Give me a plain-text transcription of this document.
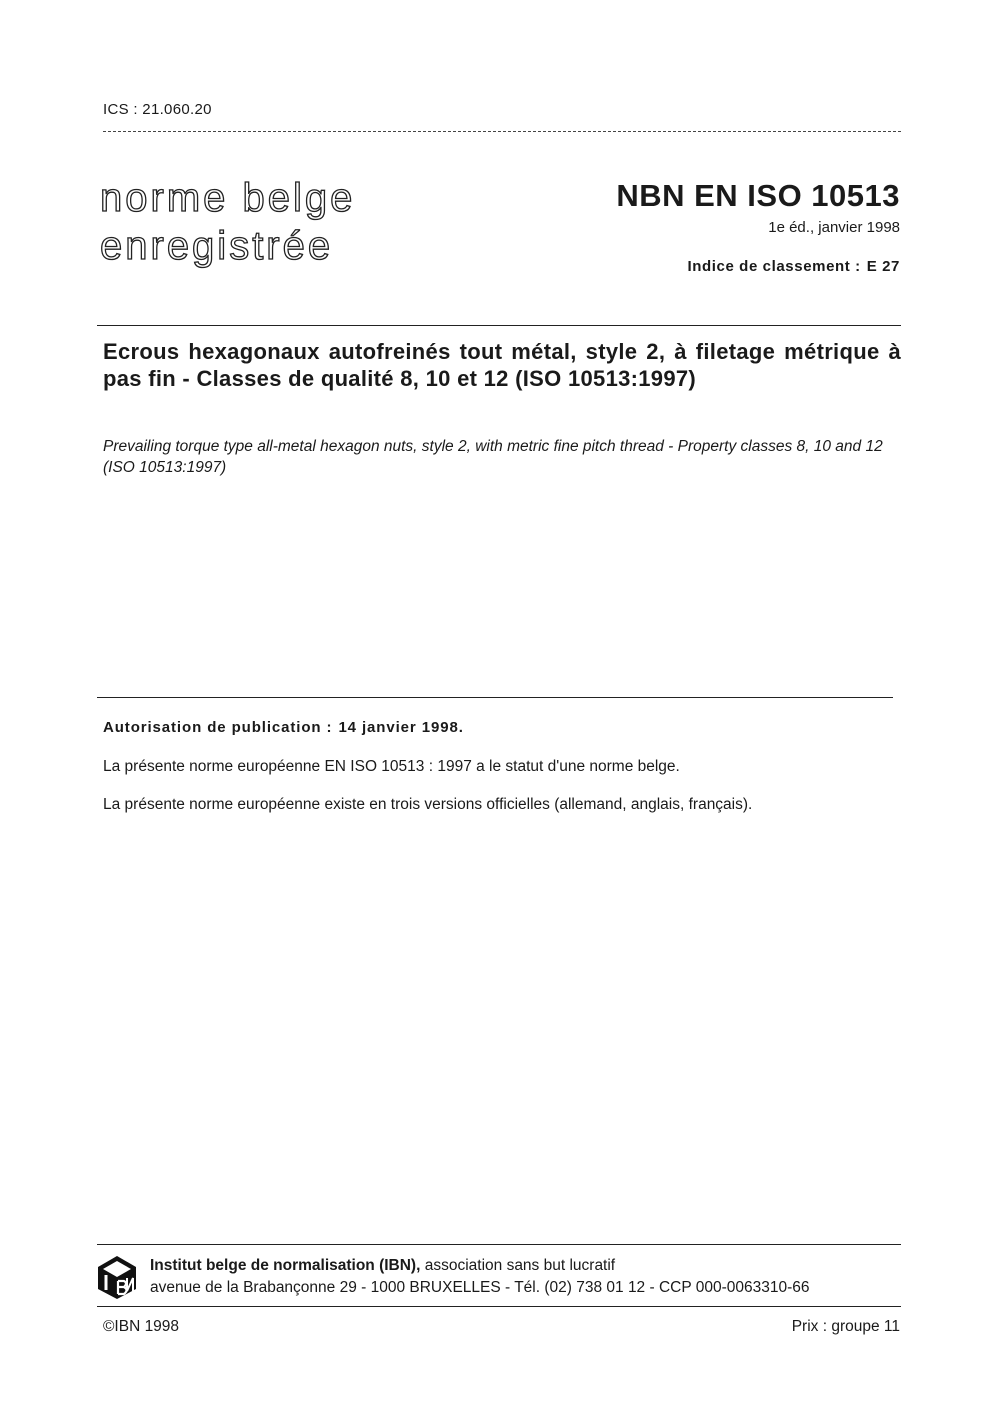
ICS : 21.060.20
norme belge
enregistrée
NBN EN ISO 10513
1e éd., janvier 1998
Indice de classement : E 27
Ecrous hexagonaux autofreinés tout métal, style 2, à filetage métrique à pas fin - Classes de qualité 8, 10 et 12 (ISO 10513:1997)
Prevailing torque type all-metal hexagon nuts, style 2, with metric fine pitch thread - Property classes 8, 10 and 12 (ISO 10513:1997)
Autorisation de publication : 14 janvier 1998.
La présente norme européenne EN ISO 10513 : 1997 a le statut d'une norme belge.
La présente norme européenne existe en trois versions officielles (allemand, anglais, français).
Institut belge de normalisation (IBN), association sans but lucratif
avenue de la Brabançonne 29 - 1000 BRUXELLES - Tél. (02) 738 01 12 - CCP 000-0063310-66
©IBN 1998	Prix : groupe 11
